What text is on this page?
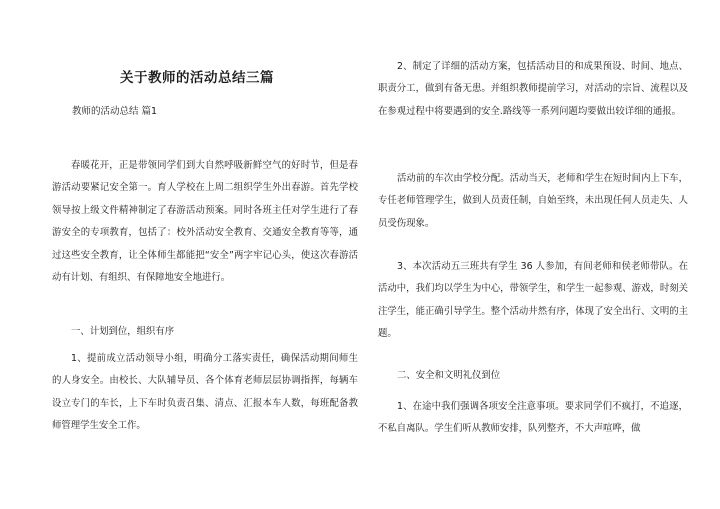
关于教师的活动总结三篇
教师的活动总结 篇1

春暖花开，正是带领同学们到大自然呼吸新鲜空气的好时节，但是春游活动要紧记安全第一。育人学校在上周二组织学生外出春游。首先学校领导按上级文件精神制定了春游活动预案。同时各班主任对学生进行了春游安全的专项教育，包括了：校外活动安全教育、交通安全教育等等，通过这些安全教育，让全体师生都能把“安全”两字牢记心头，使这次春游活动有计划、有组织、有保障地安全地进行。

一、计划到位，组织有序

1、提前成立活动领导小组，明确分工落实责任，确保活动期间师生的人身安全。由校长、大队辅导员、各个体育老师层层协调指挥，每辆车设立专门的车长，上下车时负责召集、清点、汇报本车人数，每班配备教师管理学生安全工作。

2、制定了详细的活动方案，包括活动目的和成果预设、时间、地点、职责分工，做到有备无患。并组织教师提前学习，对活动的宗旨、流程以及在参观过程中将要遇到的安全.路线等一系列问题均要做出较详细的通报。

活动前的车次由学校分配。活动当天，老师和学生在短时间内上下车，专任老师管理学生，做到人员责任制，自始至终，未出现任何人员走失、人员受伤现象。

3、本次活动五三班共有学生 36 人参加，有间老师和侯老师带队。在活动中，我们均以学生为中心，带领学生，和学生一起参观、游戏，时刻关注学生，能正确引导学生。整个活动井然有序，体现了安全出行、文明的主题。

二、安全和文明礼仪到位

1、在途中我们强调各项安全注意事项。要求同学们不疯打，不追逐，不私自离队。学生们听从教师安排，队列整齐，不大声喧哗，做
